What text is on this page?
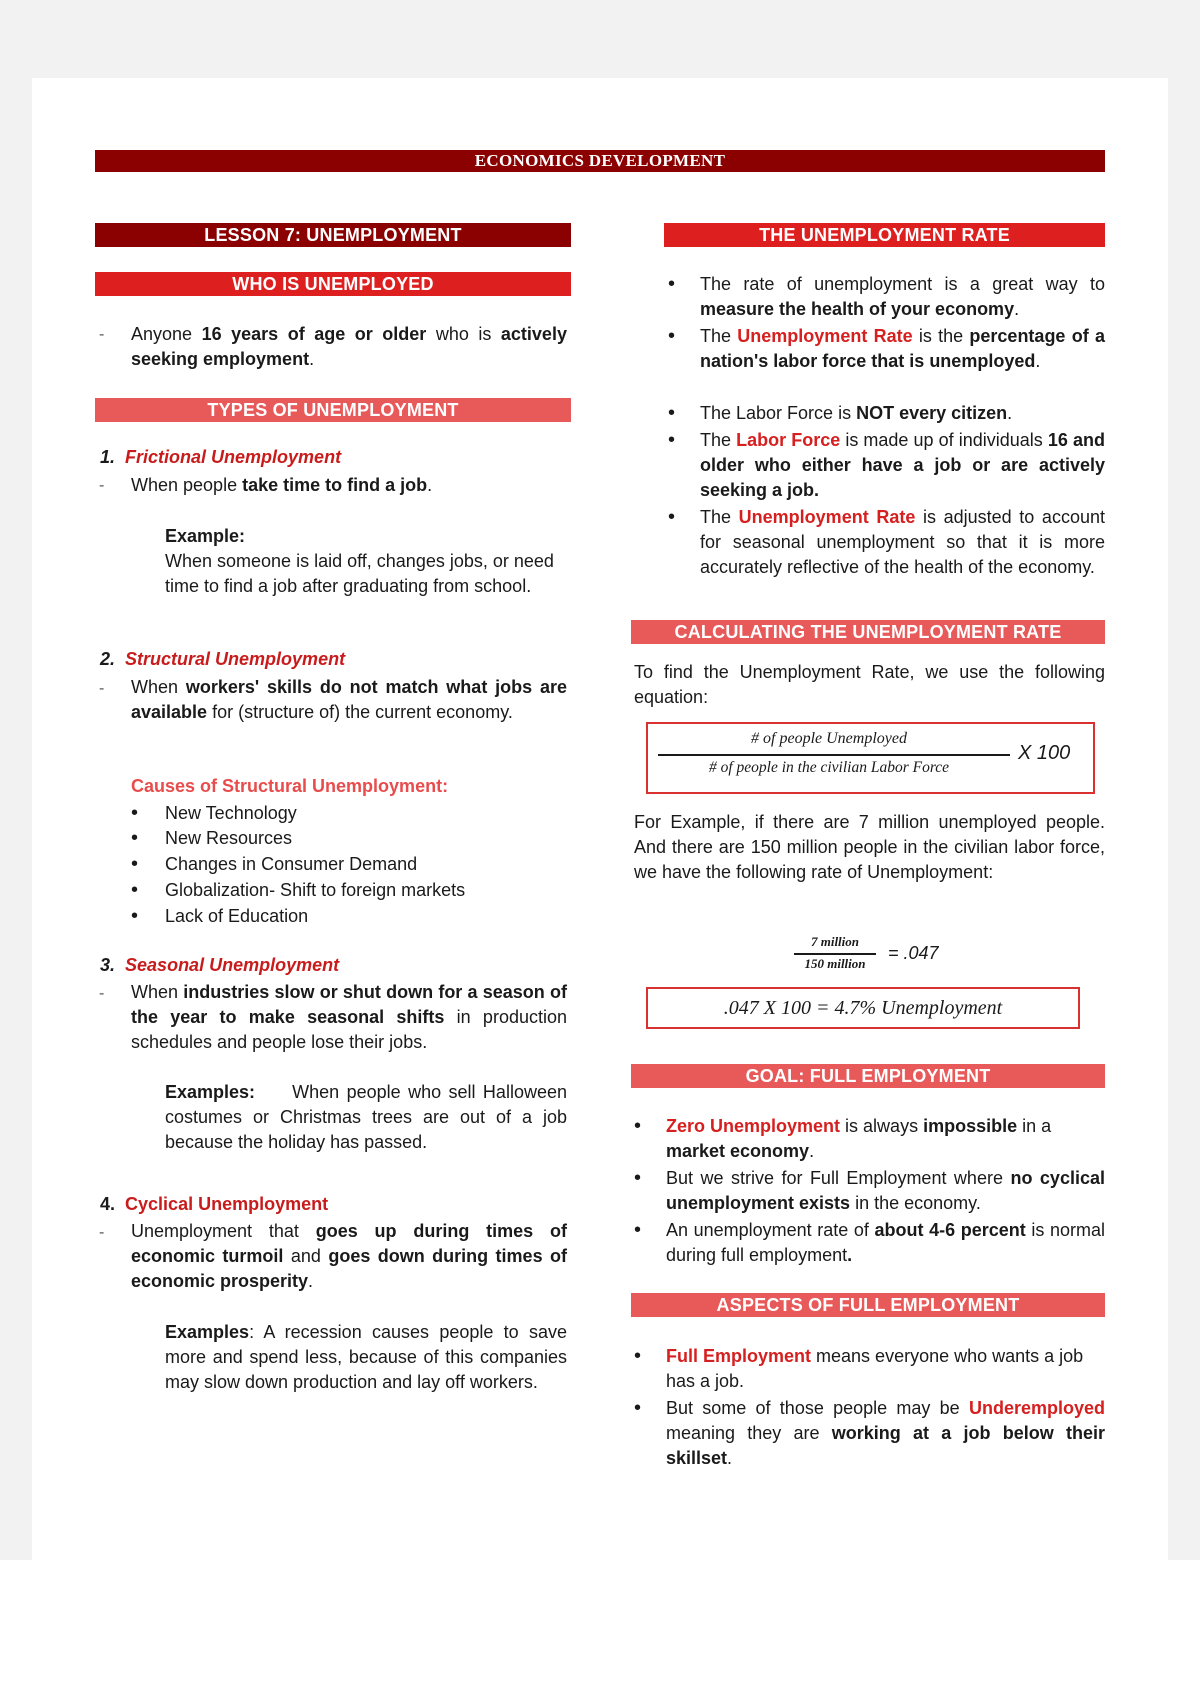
ECONOMICS DEVELOPMENT
LESSON 7: UNEMPLOYMENT
WHO IS UNEMPLOYED
- Anyone 16 years of age or older who is actively seeking employment.
TYPES OF UNEMPLOYMENT
1. Frictional Unemployment
- When people take time to find a job.
Example:
When someone is laid off, changes jobs, or need time to find a job after graduating from school.
2. Structural Unemployment
- When workers' skills do not match what jobs are available for (structure of) the current economy.
Causes of Structural Unemployment:
• New Technology
• New Resources
• Changes in Consumer Demand
• Globalization- Shift to foreign markets
• Lack of Education
3. Seasonal Unemployment
- When industries slow or shut down for a season of the year to make seasonal shifts in production schedules and people lose their jobs.
Examples: When people who sell Halloween costumes or Christmas trees are out of a job because the holiday has passed.
4. Cyclical Unemployment
- Unemployment that goes up during times of economic turmoil and goes down during times of economic prosperity.
Examples: A recession causes people to save more and spend less, because of this companies may slow down production and lay off workers.
THE UNEMPLOYMENT RATE
• The rate of unemployment is a great way to measure the health of your economy.
• The Unemployment Rate is the percentage of a nation's labor force that is unemployed.
• The Labor Force is NOT every citizen.
• The Labor Force is made up of individuals 16 and older who either have a job or are actively seeking a job.
• The Unemployment Rate is adjusted to account for seasonal unemployment so that it is more accurately reflective of the health of the economy.
CALCULATING THE UNEMPLOYMENT RATE
To find the Unemployment Rate, we use the following equation:
# of people Unemployed
# of people in the civilian Labor Force
X 100
For Example, if there are 7 million unemployed people. And there are 150 million people in the civilian labor force, we have the following rate of Unemployment:
7 million
150 million
= .047
.047 X 100 = 4.7% Unemployment
GOAL: FULL EMPLOYMENT
• Zero Unemployment is always impossible in a market economy.
• But we strive for Full Employment where no cyclical unemployment exists in the economy.
• An unemployment rate of about 4-6 percent is normal during full employment.
ASPECTS OF FULL EMPLOYMENT
• Full Employment means everyone who wants a job has a job.
• But some of those people may be Underemployed meaning they are working at a job below their skillset.
